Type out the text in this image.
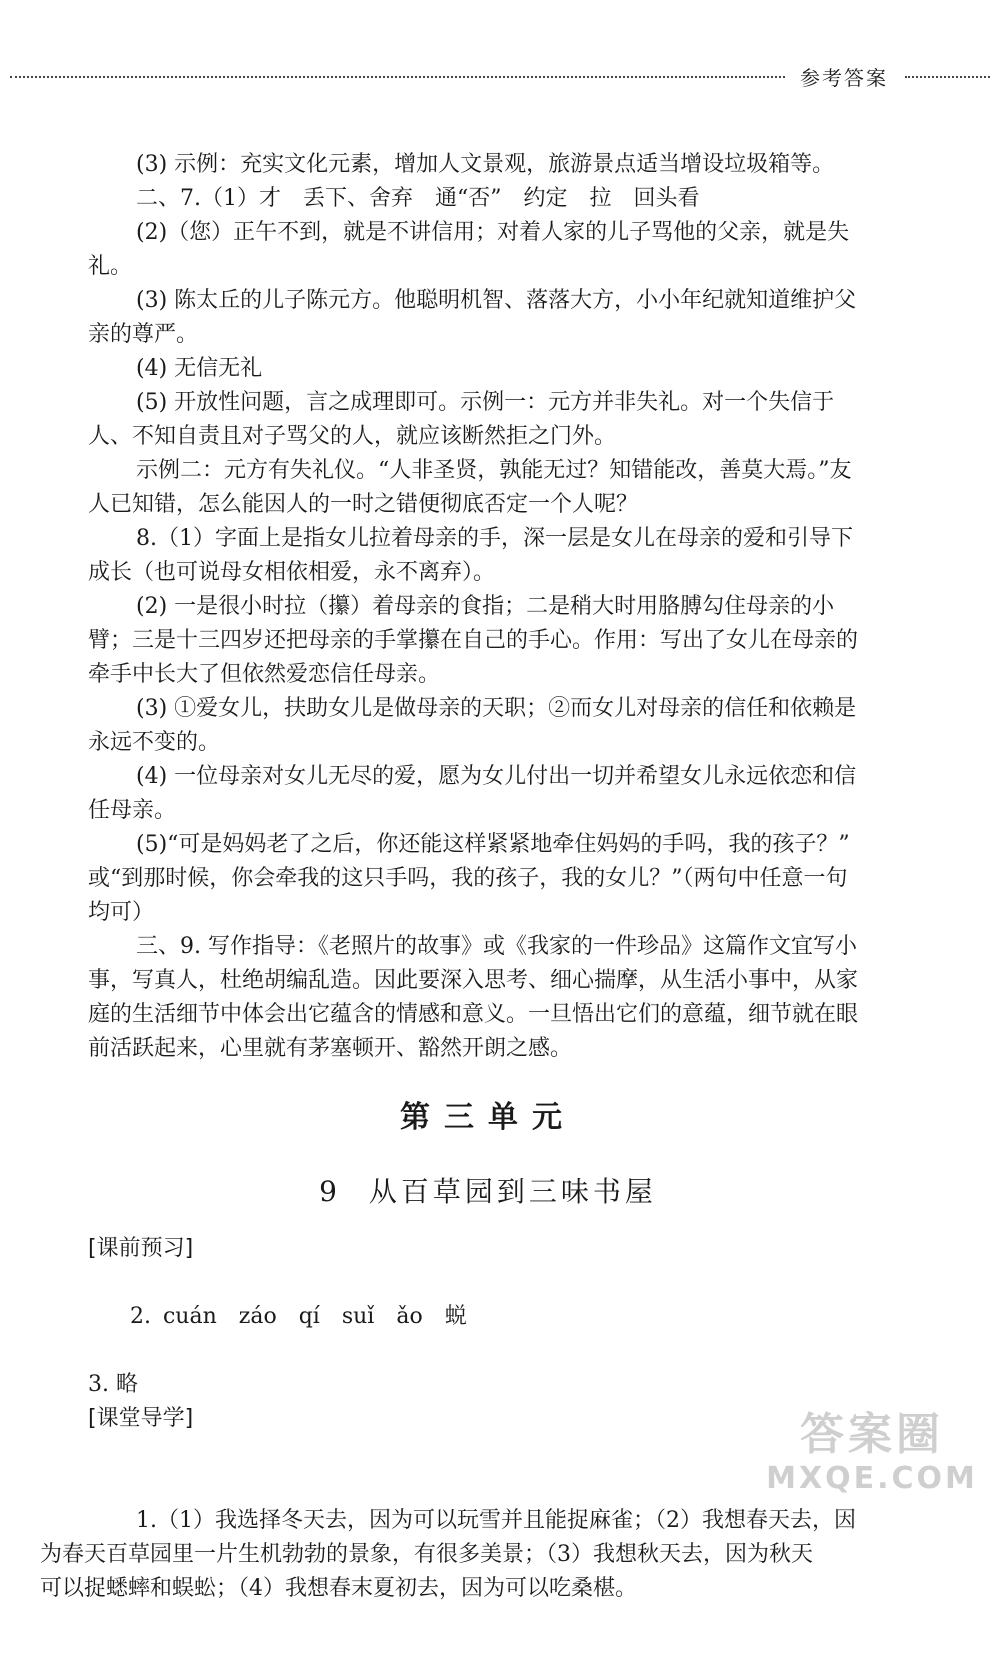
参考答案

(3) 示例：充实文化元素，增加人文景观，旅游景点适当增设垃圾箱等。

二、7.（1）才　丢下、舍弃　通“否”　约定　拉　回头看

(2)（您）正午不到，就是不讲信用；对着人家的儿子骂他的父亲，就是失礼。

(3) 陈太丘的儿子陈元方。他聪明机智、落落大方，小小年纪就知道维护父
亲的尊严。

(4) 无信无礼

(5) 开放性问题，言之成理即可。示例一：元方并非失礼。对一个失信于
人、不知自责且对子骂父的人，就应该断然拒之门外。

示例二：元方有失礼仪。“人非圣贤，孰能无过？知错能改，善莫大焉。”友
人已知错，怎么能因人的一时之错便彻底否定一个人呢？

8.（1）字面上是指女儿拉着母亲的手，深一层是女儿在母亲的爱和引导下
成长（也可说母女相依相爱，永不离弃）。

(2) 一是很小时拉（攥）着母亲的食指；二是稍大时用胳膊勾住母亲的小
臂；三是十三四岁还把母亲的手掌攥在自己的手心。作用：写出了女儿在母亲的
牵手中长大了但依然爱恋信任母亲。

(3) ①爱女儿，扶助女儿是做母亲的天职；②而女儿对母亲的信任和依赖是
永远不变的。

(4) 一位母亲对女儿无尽的爱，愿为女儿付出一切并希望女儿永远依恋和信
任母亲。

(5)“可是妈妈老了之后，你还能这样紧紧地牵住妈妈的手吗，我的孩子？”
或“到那时候，你会牵我的这只手吗，我的孩子，我的女儿？”（两句中任意一句
均可）

三、9. 写作指导：《老照片的故事》或《我家的一件珍品》这篇作文宜写小
事，写真人，杜绝胡编乱造。因此要深入思考、细心揣摩，从生活小事中，从家
庭的生活细节中体会出它蕴含的情感和意义。一旦悟出它们的意蕴，细节就在眼
前活跃起来，心里就有茅塞顿开、豁然开朗之感。

第三单元
9 从百草园到三味书屋

[课前预习]

2. cuán záo qí suǐ ǎo 蜕

3. 略

[课堂导学]

1.（1）我选择冬天去，因为可以玩雪并且能捉麻雀；（2）我想春天去，因
为春天百草园里一片生机勃勃的景象，有很多美景；（3）我想秋天去，因为秋天
可以捉蟋蟀和蜈蚣；（4）我想春末夏初去，因为可以吃桑椹。

答案圈
MXQE.COM
